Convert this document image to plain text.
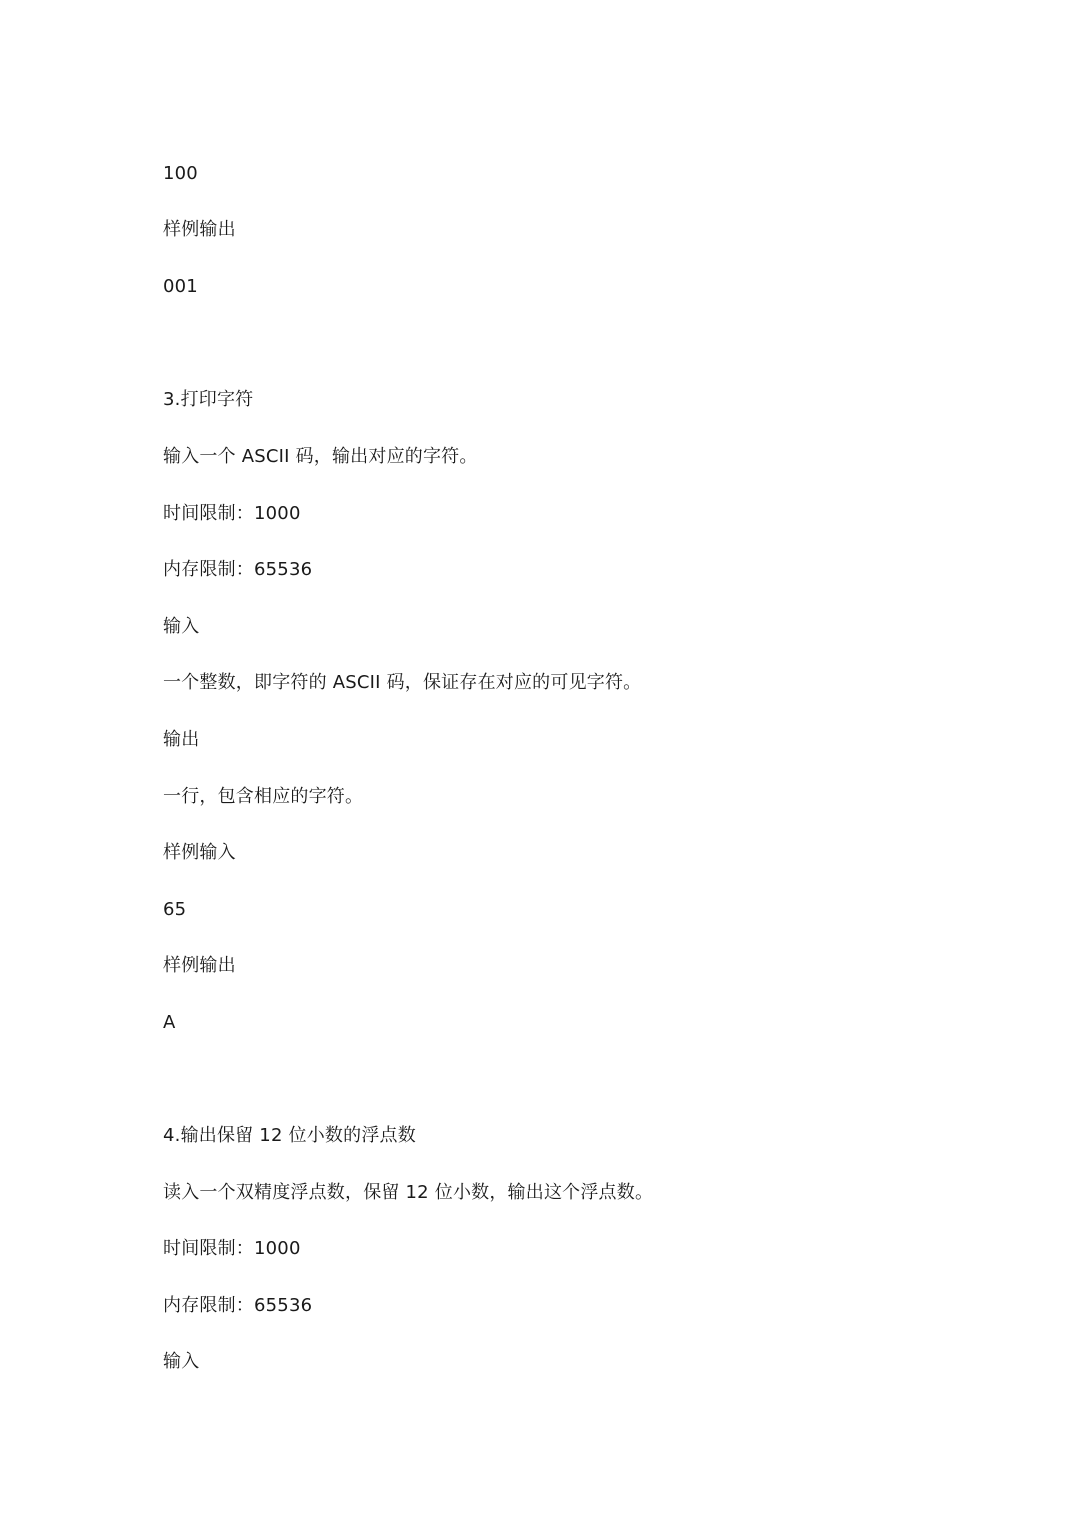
100
样例输出
001
3.打印字符
输入一个 ASCII 码，输出对应的字符。
时间限制：1000
内存限制：65536
输入
一个整数，即字符的 ASCII 码，保证存在对应的可见字符。
输出
一行，包含相应的字符。
样例输入
65
样例输出
A
4.输出保留 12 位小数的浮点数
读入一个双精度浮点数，保留 12 位小数，输出这个浮点数。
时间限制：1000
内存限制：65536
输入
